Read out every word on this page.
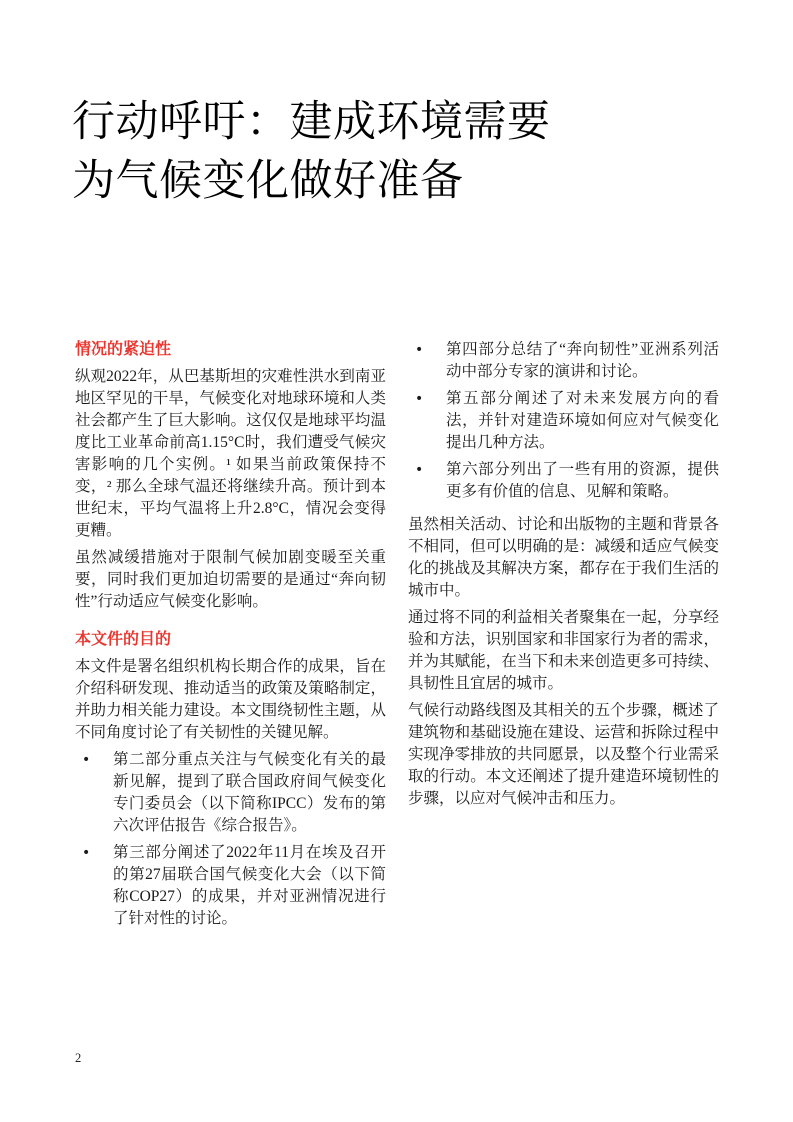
行动呼吁：建成环境需要
为气候变化做好准备
情况的紧迫性

纵观2022年，从巴基斯坦的灾难性洪水到南亚地区罕见的干旱，气候变化对地球环境和人类社会都产生了巨大影响。这仅仅是地球平均温度比工业革命前高1.15°C时，我们遭受气候灾害影响的几个实例。¹ 如果当前政策保持不变，² 那么全球气温还将继续升高。预计到本世纪末，平均气温将上升2.8°C，情况会变得更糟。

虽然减缓措施对于限制气候加剧变暖至关重要，同时我们更加迫切需要的是通过“奔向韧性”行动适应气候变化影响。

本文件的目的

本文件是署名组织机构长期合作的成果，旨在介绍科研发现、推动适当的政策及策略制定，并助力相关能力建设。本文围绕韧性主题，从不同角度讨论了有关韧性的关键见解。

•	第二部分重点关注与气候变化有关的最新见解，提到了联合国政府间气候变化专门委员会（以下简称IPCC）发布的第六次评估报告《综合报告》。
•	第三部分阐述了2022年11月在埃及召开的第27届联合国气候变化大会（以下简称COP27）的成果，并对亚洲情况进行了针对性的讨论。
•	第四部分总结了“奔向韧性”亚洲系列活动中部分专家的演讲和讨论。
•	第五部分阐述了对未来发展方向的看法，并针对建造环境如何应对气候变化提出几种方法。
•	第六部分列出了一些有用的资源，提供更多有价值的信息、见解和策略。

虽然相关活动、讨论和出版物的主题和背景各不相同，但可以明确的是：减缓和适应气候变化的挑战及其解决方案，都存在于我们生活的城市中。

通过将不同的利益相关者聚集在一起，分享经验和方法，识别国家和非国家行为者的需求，并为其赋能，在当下和未来创造更多可持续、具韧性且宜居的城市。

气候行动路线图及其相关的五个步骤，概述了建筑物和基础设施在建设、运营和拆除过程中实现净零排放的共同愿景，以及整个行业需采取的行动。本文还阐述了提升建造环境韧性的步骤，以应对气候冲击和压力。

2
